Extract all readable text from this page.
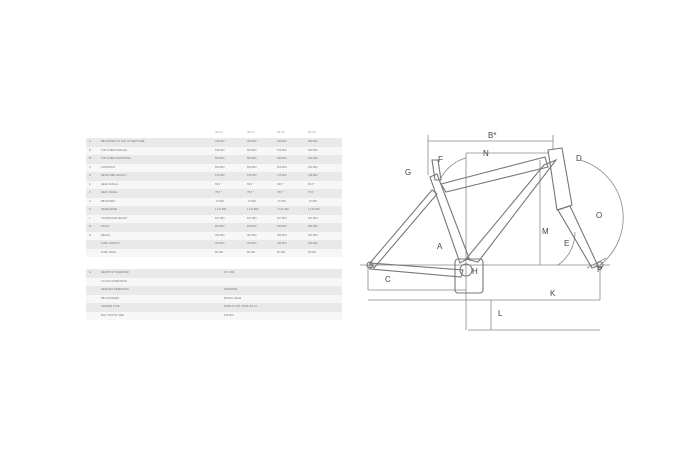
44 cm	48 cm	52 cm	56 cm
A	BB CENTER TO TOP OF SEATTUBE	440 MM	480 MM	520 MM	560 MM
B	TOP TUBE PARALLEL	530 MM	550 MM	570 MM	590 MM
B*	TOP TUBE HORIZONTAL	550 MM	580 MM	590 MM	610 MM
C	CHAINSTAY	520 MM	520 MM	520 MM	520 MM
D	HEADTUBE LENGTH	135 MM	155 MM	175 MM	195 MM
E	HEAD ANGLE	69,5 °	69,5 °	69,5 °	69,5 °
F	SEAT ANGLE	75,5 °	75,5 °	75,5 °	75,5 °
H	BB OFFSET	-70 MM	-70 MM	-70 MM	-70 MM
K	WHEELBASE	1 111 MM	1 116 MM	1 121 MM	1 132 MM
L	STANDOVER HEIGHT	627 MM	627 MM	627 MM	627 MM
M	STACK	602 MM	620 MM	640 MM	659 MM
N	REACH	393 MM	397 MM	403 MM	407 MM
FORK LENGTH	453 MM	453 MM	453 MM	453 MM
FORK RAKE	50 MM	50 MM	50 MM	50 MM
G	SEATPOST DIAMETER	27,2 MM
CLUTCH DIMENSION
HEADSET DIMENSION	ZS56/ZS56
BB STANDARD	BOSCH GEN2
HANGER TYPE	DOM+KX 100 | DOM+KX 12
MAX. ROTOR SIZE	160 MM
B*
N
D
G
F
O
M
A	E
H
C
P
K
L
